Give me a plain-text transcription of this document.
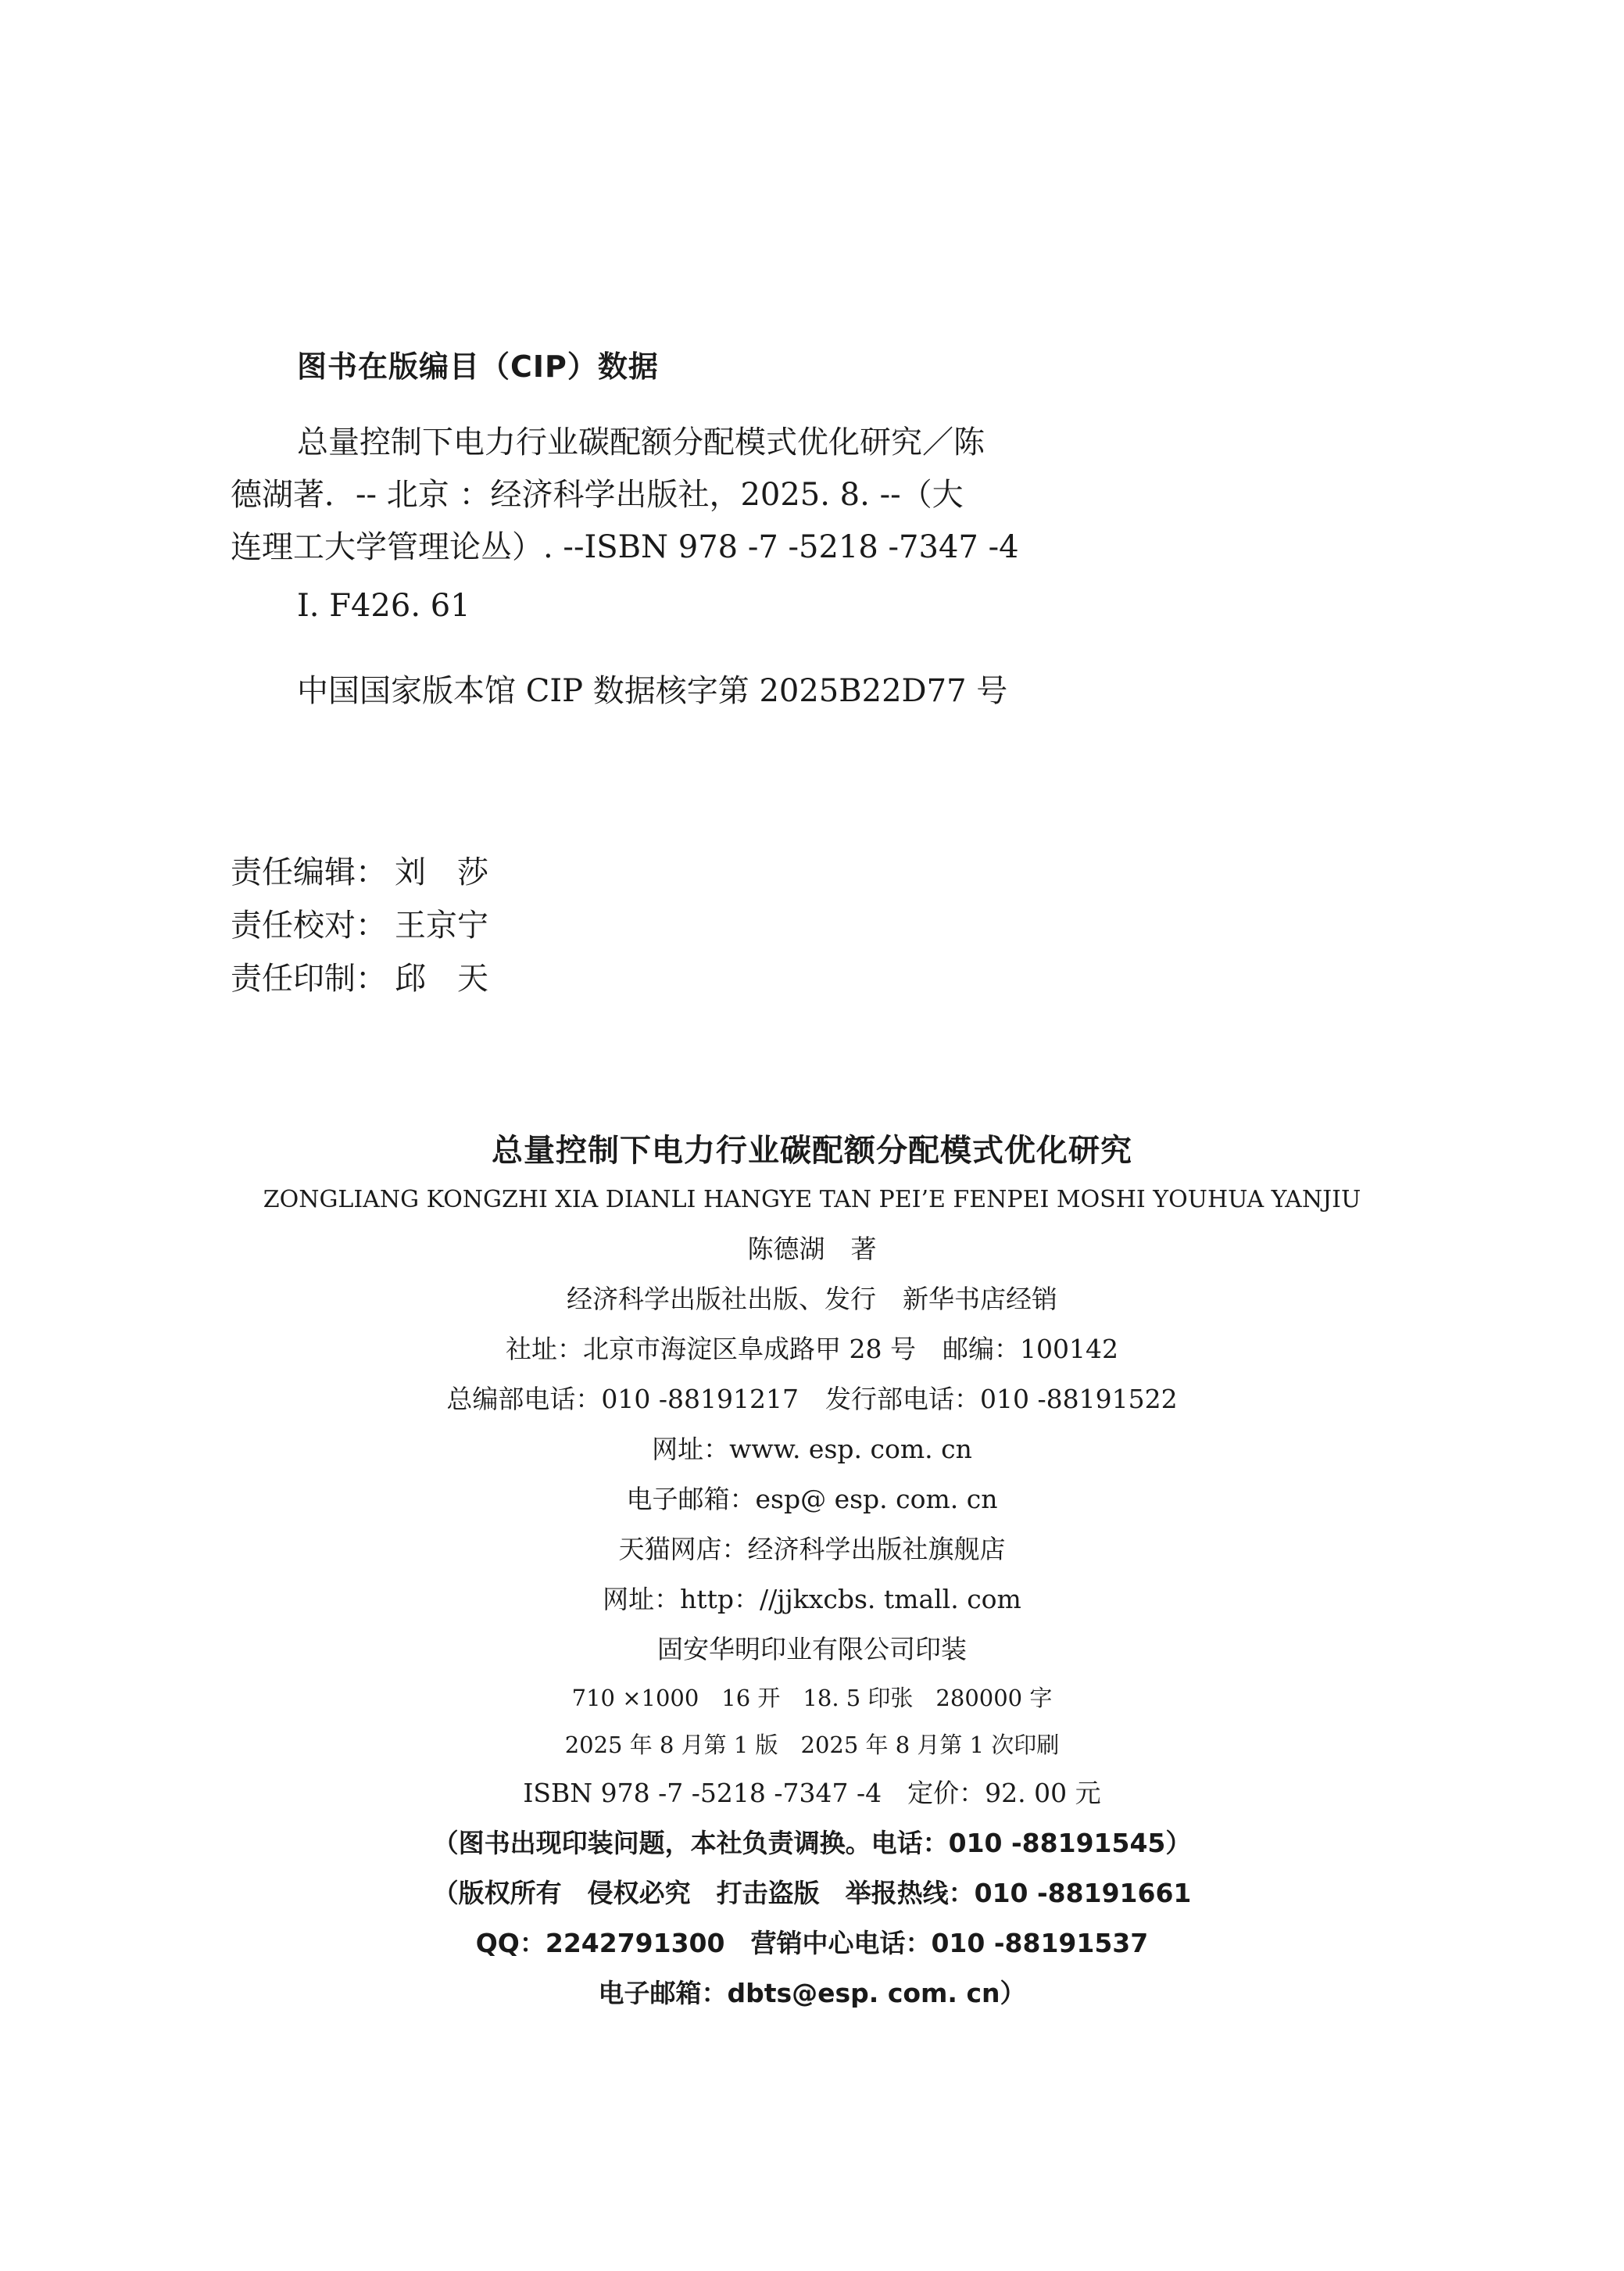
图书在版编目（CIP）数据

总量控制下电力行业碳配额分配模式优化研究／陈

德湖著．-- 北京 ：经济科学出版社，2025. 8. --（大

连理工大学管理论丛）. --ISBN 978 -7 -5218 -7347 -4

Ⅰ. F426. 61
中国国家版本馆 CIP 数据核字第 2025B22D77 号
责任编辑： 刘　莎
责任校对： 王京宁
责任印制： 邱　天
总量控制下电力行业碳配额分配模式优化研究
ZONGLIANG KONGZHI XIA DIANLI HANGYE TAN PEI’E FENPEI MOSHI YOUHUA YANJIU
陈德湖　著
经济科学出版社出版、发行 新华书店经销
社址：北京市海淀区阜成路甲 28 号 邮编：100142
总编部电话：010 -88191217 发行部电话：010 -88191522
网址：www. esp. com. cn
电子邮箱：esp@ esp. com. cn
天猫网店：经济科学出版社旗舰店
网址：http：//jjkxcbs. tmall. com
固安华明印业有限公司印装
710 ×1000　16 开　18. 5 印张　280000 字
2025 年 8 月第 1 版　2025 年 8 月第 1 次印刷
ISBN 978 -7 -5218 -7347 -4　定价：92. 00 元
（图书出现印装问题，本社负责调换。电话：010 -88191545）
（版权所有　侵权必究　打击盗版　举报热线：010 -88191661
QQ：2242791300　营销中心电话：010 -88191537
电子邮箱：dbts@esp. com. cn）
